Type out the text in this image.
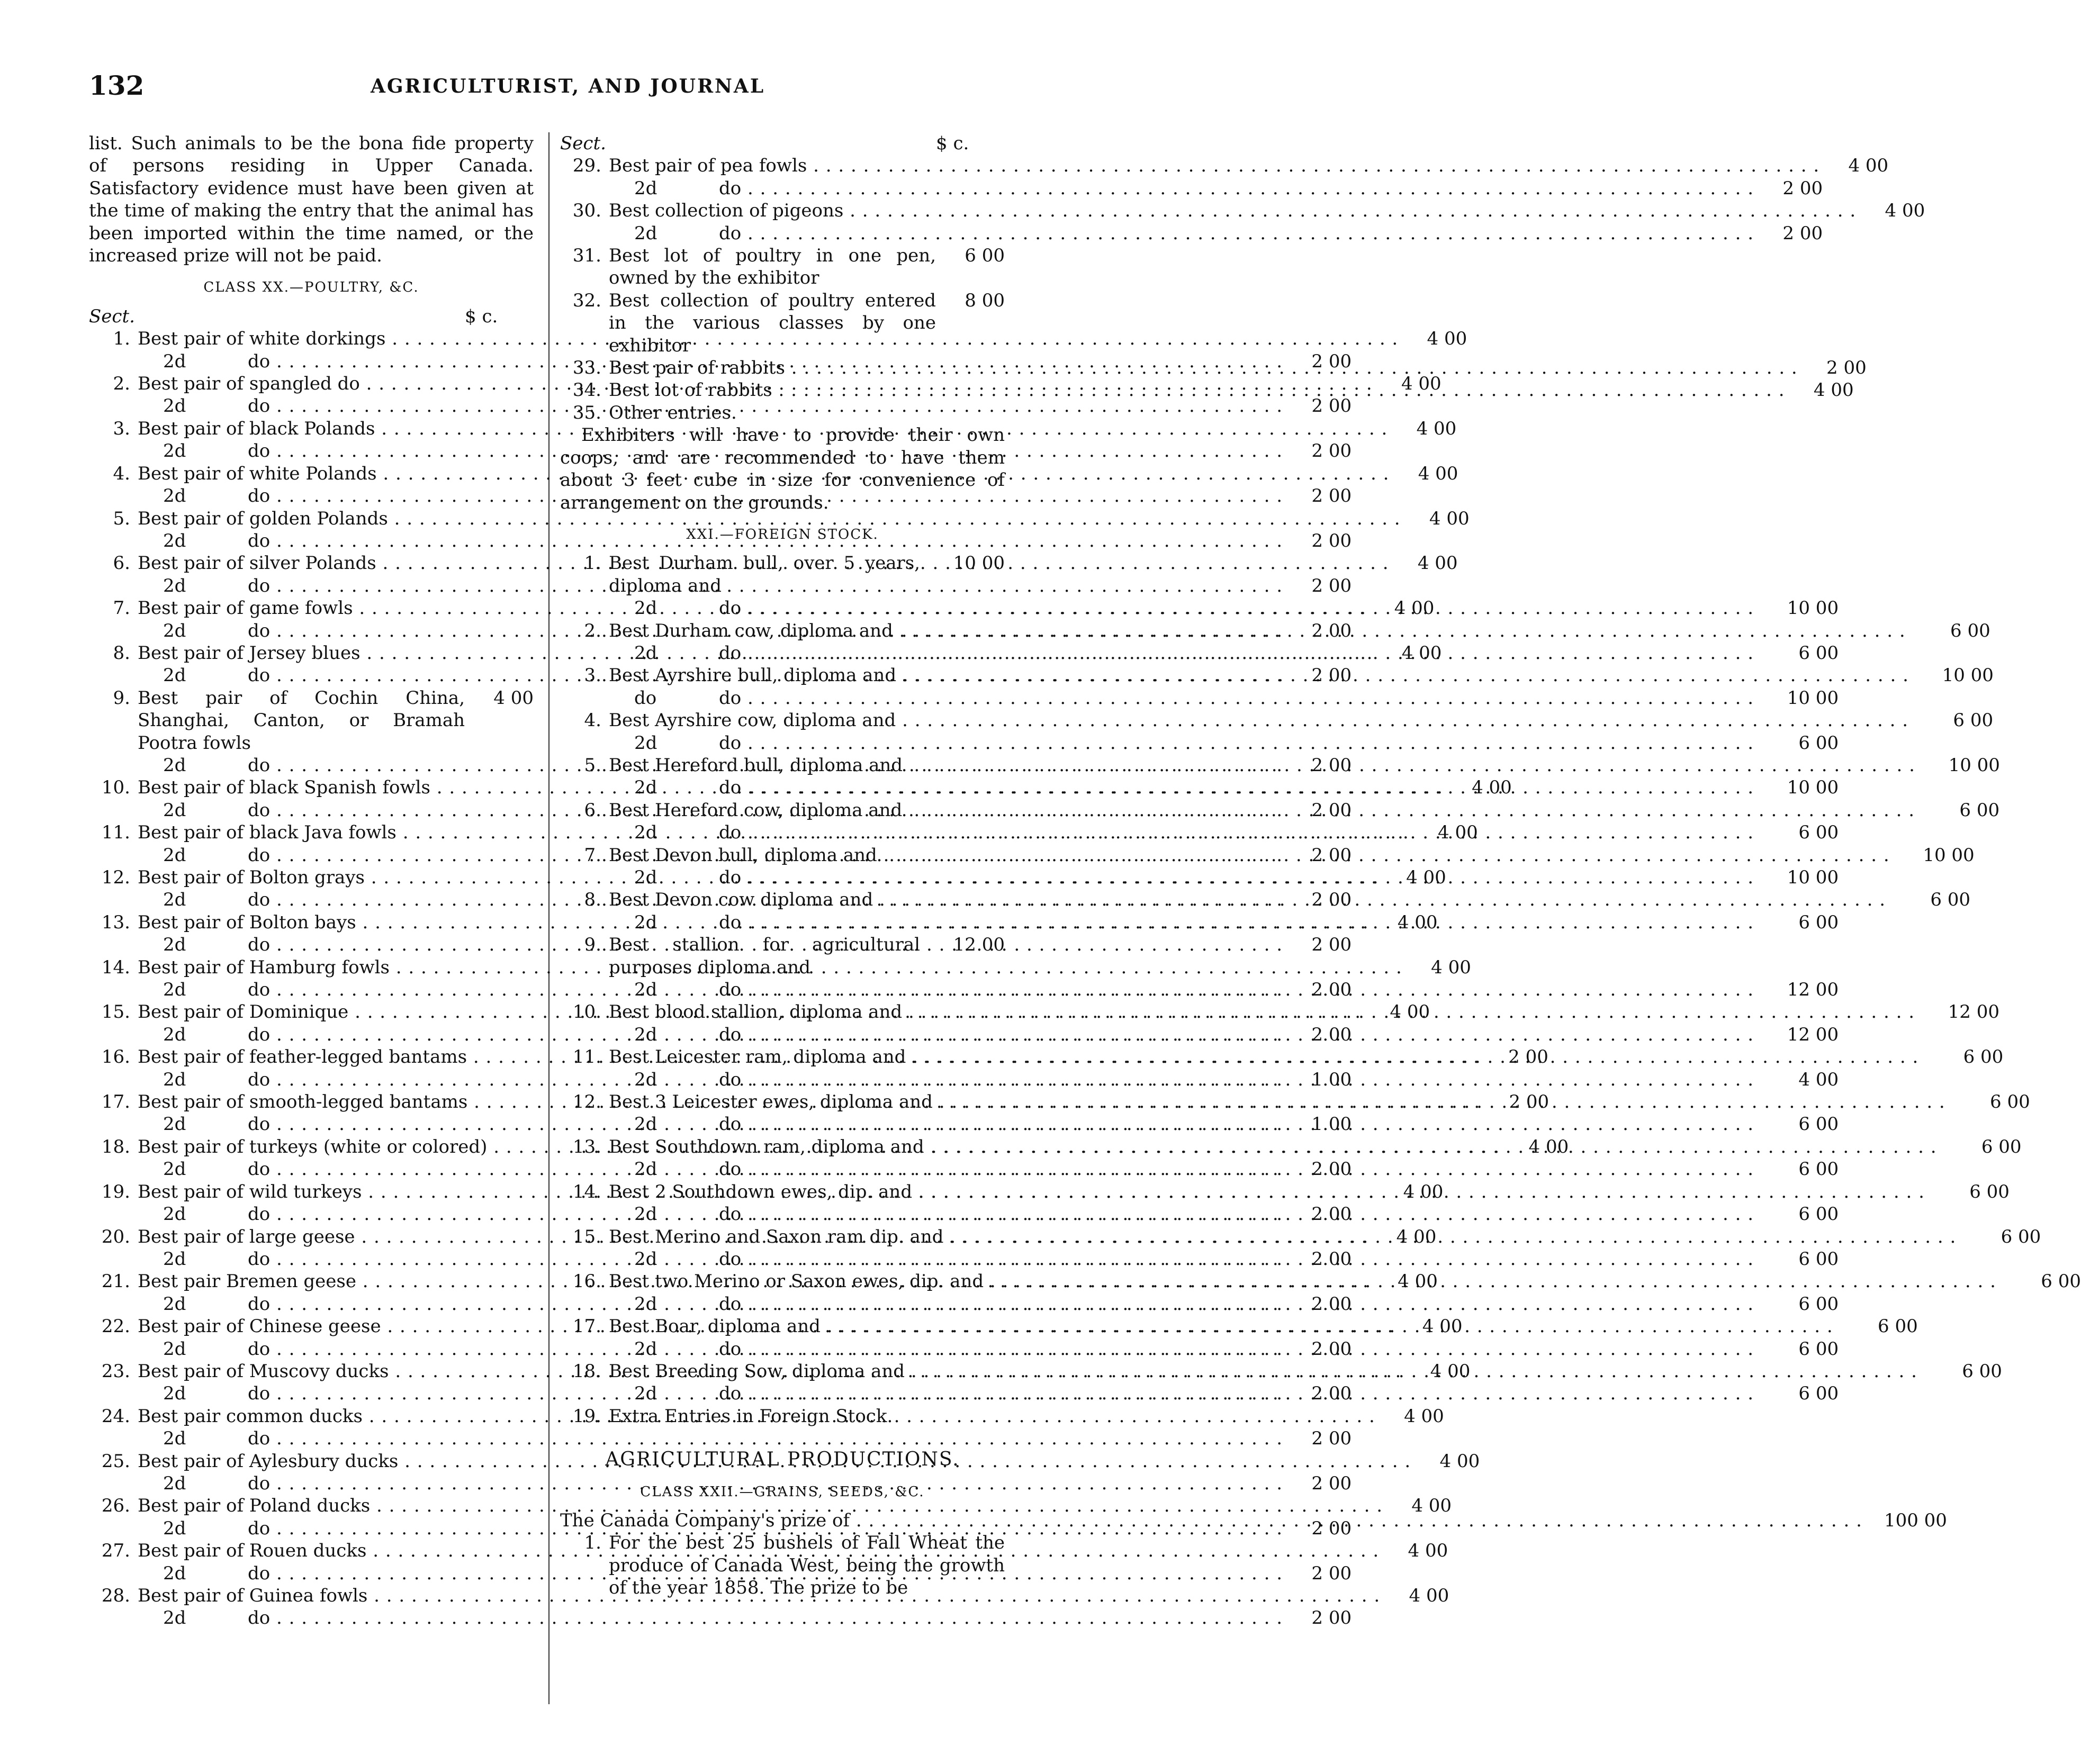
132	AGRICULTURIST, AND JOURNAL

list. Such animals to be the bona fide property of persons residing in Upper Canada. Satisfactory evidence must have been given at the time of making the entry that the animal has been imported within the time named, or the increased prize will not be paid.

CLASS XX.—POULTRY, &C.
Sect.	$ c.
1. Best pair of white dorkings . . .	4 00
2d	do . . .	2 00
2. Best pair of spangled do . . .	4 00
2d	do . . .	2 00
3. Best pair of black Polands . . .	4 00
2d	do . . .	2 00
4. Best pair of white Polands . . .	4 00
2d	do . . .	2 00
5. Best pair of golden Polands . . .	4 00
2d	do . . .	2 00
6. Best pair of silver Polands . . .	4 00
2d	do . . .	2 00
7. Best pair of game fowls . . .	4 00
2d	do . . .	2 00
8. Best pair of Jersey blues . . .	4 00
2d	do . . .	2 00
9. Best pair of Cochin China, Shanghai, Canton, or Bramah Pootra fowls
4 00
2d	do . . .	2 00
10. Best pair of black Spanish fowls . . .	4 00
2d	do . . .	2 00
11. Best pair of black Java fowls . . .	4 00
2d	do . . .	2 00
12. Best pair of Bolton grays . . .	4 00
2d	do . . .	2 00
13. Best pair of Bolton bays . . .	4 00
2d	do . . .	2 00
14. Best pair of Hamburg fowls . . .	4 00
2d	do . . .	2 00
15. Best pair of Dominique . . .	4 00
2d	do . . .	2 00
16. Best pair of feather-legged bantams . . .	2 00
2d	do . . .	1 00
17. Best pair of smooth-legged bantams . . .	2 00
2d	do . . .	1 00
18. Best pair of turkeys (white or colored) . . .	4 00
2d	do . . .	2 00
19. Best pair of wild turkeys . . .	4 00
2d	do . . .	2 00
20. Best pair of large geese . . .	4 00
2d	do . . .	2 00
21. Best pair Bremen geese . . .	4 00
2d	do . . .	2 00
22. Best pair of Chinese geese . . .	4 00
2d	do . . .	2 00
23. Best pair of Muscovy ducks . . .	4 00
2d	do . . .	2 00
24. Best pair common ducks . . .	4 00
2d	do . . .	2 00
25. Best pair of Aylesbury ducks . . .	4 00
2d	do . . .	2 00
26. Best pair of Poland ducks . . .	4 00
2d	do . . .	2 00
27. Best pair of Rouen ducks . . .	4 00
2d	do . . .	2 00
28. Best pair of Guinea fowls . . .	4 00
2d	do . . .	2 00
Sect.	$ c.
29. Best pair of pea fowls . . .	4 00
2d	do . . .	2 00
30. Best collection of pigeons . . .	4 00
2d	do . . .	2 00
31. Best lot of poultry in one pen, owned by the exhibitor
6 00
32. Best collection of poultry entered in the various classes by one exhibitor
8 00
33. Best pair of rabbits . . .	2 00
34. Best lot of rabbits . . .	4 00
35. Other entries.

Exhibiters will have to provide their own coops, and are recommended to have them about 3 feet cube in size for convenience of arrangement on the grounds.

XXI.—FOREIGN STOCK.
1. Best Durham bull, over 5 years, diploma and
10 00
2d	do . . .	10 00
2. Best Durham cow, diploma and . . .	6 00
2d	do . . .	6 00
3. Best Ayrshire bull, diploma and . . .	10 00
do	do . . .	10 00
4. Best Ayrshire cow, diploma and . . .	6 00
2d	do . . .	6 00
5. Best Hereford bull, diploma and . . .	10 00
2d	do . . .	10 00
6. Best Hereford cow, diploma and . . .	6 00
2d	do . . .	6 00
7. Best Devon bull, diploma and . . .	10 00
2d	do . . .	10 00
8. Best Devon cow diploma and . . .	6 00
2d	do . . .	6 00
9. Best stallion for agricultural purposes diploma and
12 00
2d	do . . .	12 00
10. Best blood stallion, diploma and . . .	12 00
2d	do . . .	12 00
11. Best Leicester ram, diploma and . . .	6 00
2d	do . . .	4 00
12. Best 3 Leicester ewes, diploma and . . .	6 00
2d	do . . .	6 00
13. Best Southdown ram, diploma and . . .	6 00
2d	do . . .	6 00
14. Best 2 Southdown ewes, dip. and . . .	6 00
2d	do . . .	6 00
15. Best Merino and Saxon ram dip. and . . .	6 00
2d	do . . .	6 00
16. Best two Merino or Saxon ewes, dip. and . . .	6 00
2d	do . . .	6 00
17. Best Boar, diploma and . . .	6 00
2d	do . . .	6 00
18. Best Breeding Sow, diploma and . . .	6 00
2d	do . . .	6 00
19. Extra Entries in Foreign Stock.
AGRICULTURAL PRODUCTIONS.
CLASS XXII.—GRAINS, SEEDS, &C.
The Canada Company's prize of . . .	100 00
1. For the best 25 bushels of Fall Wheat the produce of Canada West, being the growth of the year 1858. The prize to be
